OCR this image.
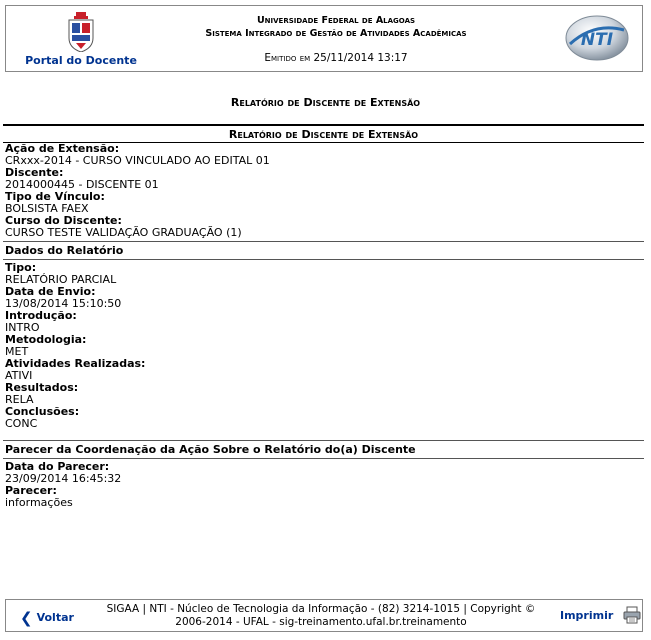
Portal do Docente
Universidade Federal de Alagoas
Sistema Integrado de Gestão de Atividades Acadêmicas
Emitido em 25/11/2014 13:17
NTI
Relatório de Discente de Extensão
Relatório de Discente de Extensão
Ação de Extensão:
CRxxx-2014 - CURSO VINCULADO AO EDITAL 01
Discente:
2014000445 - DISCENTE 01
Tipo de Vínculo:
BOLSISTA FAEX
Curso do Discente:
CURSO TESTE VALIDAÇÃO GRADUAÇÃO (1)
Dados do Relatório
Tipo:
RELATÓRIO PARCIAL
Data de Envio:
13/08/2014 15:10:50
Introdução:
INTRO
Metodologia:
MET
Atividades Realizadas:
ATIVI
Resultados:
RELA
Conclusões:
CONC
Parecer da Coordenação da Ação Sobre o Relatório do(a) Discente
Data do Parecer:
23/09/2014 16:45:32
Parecer:
informações
❮ Voltar
SIGAA | NTI - Núcleo de Tecnologia da Informação - (82) 3214-1015 | Copyright ©
2006-2014 - UFAL - sig-treinamento.ufal.br.treinamento	Imprimir
